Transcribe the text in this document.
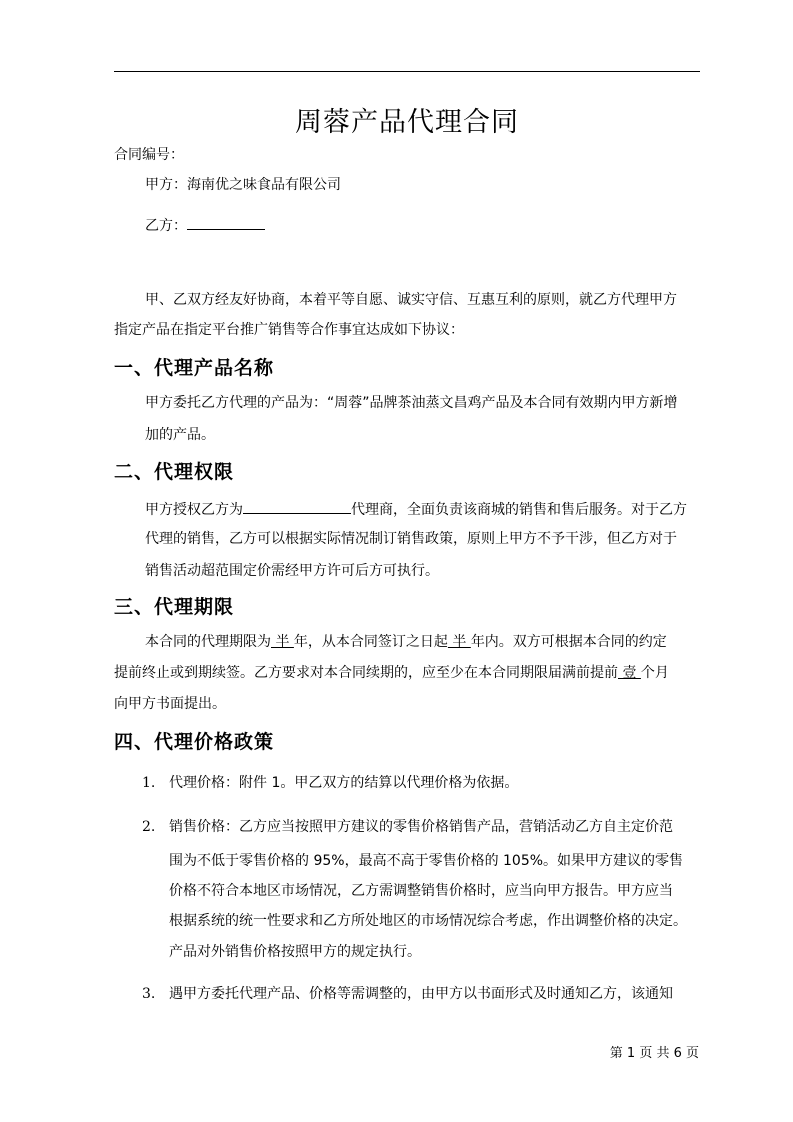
周蓉产品代理合同
合同编号：
甲方：海南优之味食品有限公司
乙方：
甲、乙双方经友好协商，本着平等自愿、诚实守信、互惠互利的原则，就乙方代理甲方
指定产品在指定平台推广销售等合作事宜达成如下协议：
一、代理产品名称
甲方委托乙方代理的产品为：“周蓉”品牌茶油蒸文昌鸡产品及本合同有效期内甲方新增
加的产品。
二、代理权限
甲方授权乙方为	代理商，全面负责该商城的销售和售后服务。对于乙方
代理的销售，乙方可以根据实际情况制订销售政策，原则上甲方不予干涉，但乙方对于
销售活动超范围定价需经甲方许可后方可执行。
三、代理期限
本合同的代理期限为 半 年，从本合同签订之日起 半 年内。双方可根据本合同的约定
提前终止或到期续签。乙方要求对本合同续期的，应至少在本合同期限届满前提前 壹 个月
向甲方书面提出。
四、代理价格政策
1. 代理价格：附件 1。甲乙双方的结算以代理价格为依据。
2. 销售价格：乙方应当按照甲方建议的零售价格销售产品，营销活动乙方自主定价范
围为不低于零售价格的 95%，最高不高于零售价格的 105%。如果甲方建议的零售
价格不符合本地区市场情况，乙方需调整销售价格时，应当向甲方报告。甲方应当
根据系统的统一性要求和乙方所处地区的市场情况综合考虑，作出调整价格的决定。
产品对外销售价格按照甲方的规定执行。
3. 遇甲方委托代理产品、价格等需调整的，由甲方以书面形式及时通知乙方，该通知
第 1 页 共 6 页
